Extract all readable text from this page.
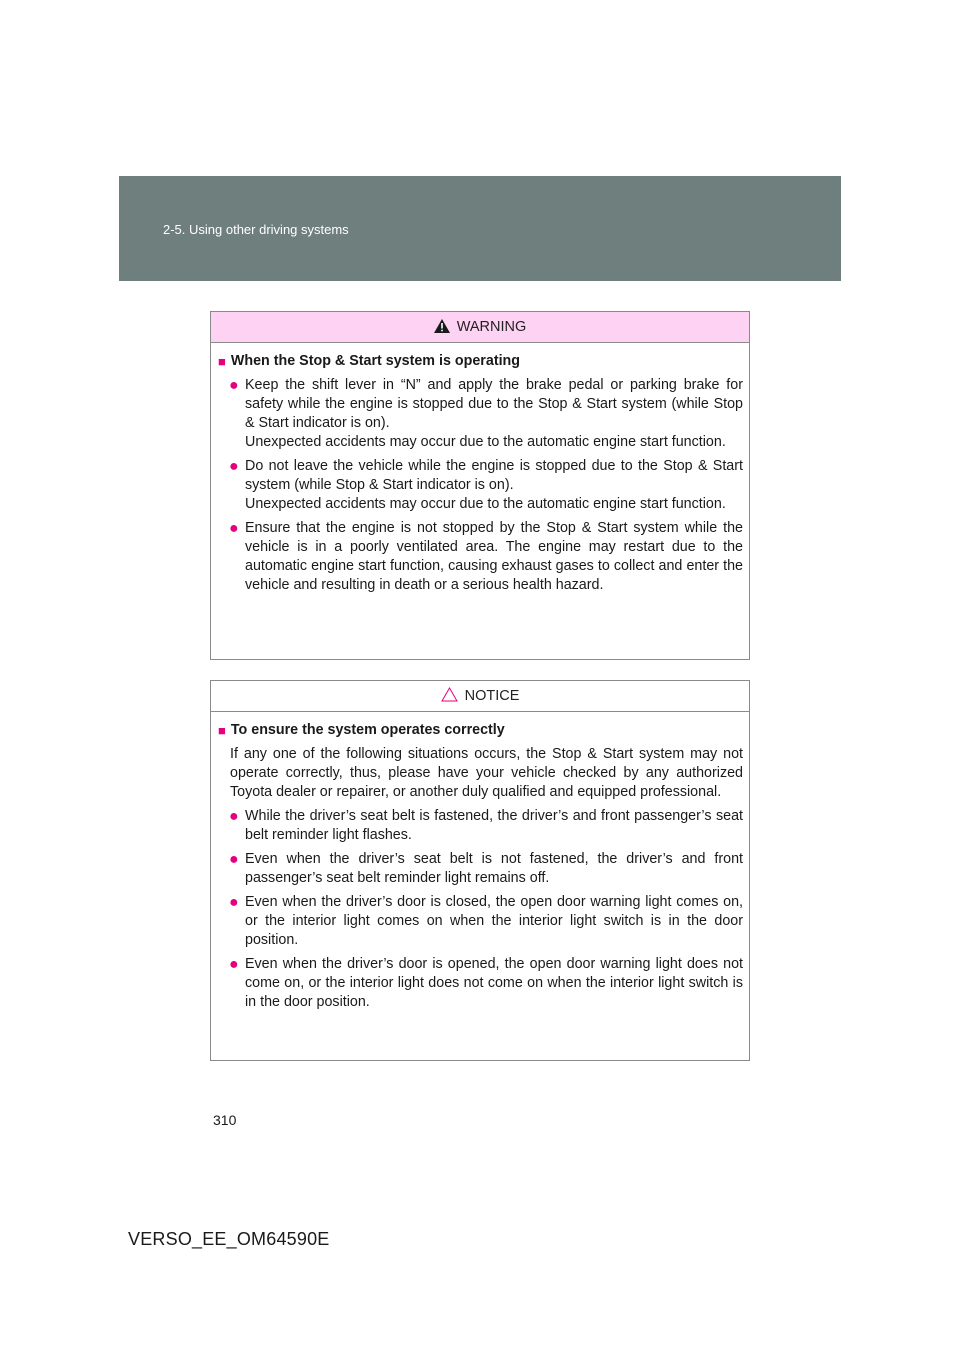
2-5. Using other driving systems
WARNING
■ When the Stop & Start system is operating
● Keep the shift lever in “N” and apply the brake pedal or parking brake for safety while the engine is stopped due to the Stop & Start system (while Stop & Start indicator is on).
Unexpected accidents may occur due to the automatic engine start function.
● Do not leave the vehicle while the engine is stopped due to the Stop & Start system (while Stop & Start indicator is on).
Unexpected accidents may occur due to the automatic engine start function.
● Ensure that the engine is not stopped by the Stop & Start system while the vehicle is in a poorly ventilated area. The engine may restart due to the automatic engine start function, causing exhaust gases to collect and enter the vehicle and resulting in death or a serious health hazard.
NOTICE
■ To ensure the system operates correctly
If any one of the following situations occurs, the Stop & Start system may not operate correctly, thus, please have your vehicle checked by any authorized Toyota dealer or repairer, or another duly qualified and equipped professional.
● While the driver’s seat belt is fastened, the driver’s and front passenger’s seat belt reminder light flashes.
● Even when the driver’s seat belt is not fastened, the driver’s and front passenger’s seat belt reminder light remains off.
● Even when the driver’s door is closed, the open door warning light comes on, or the interior light comes on when the interior light switch is in the door position.
● Even when the driver’s door is opened, the open door warning light does not come on, or the interior light does not come on when the interior light switch is in the door position.
310
VERSO_EE_OM64590E
